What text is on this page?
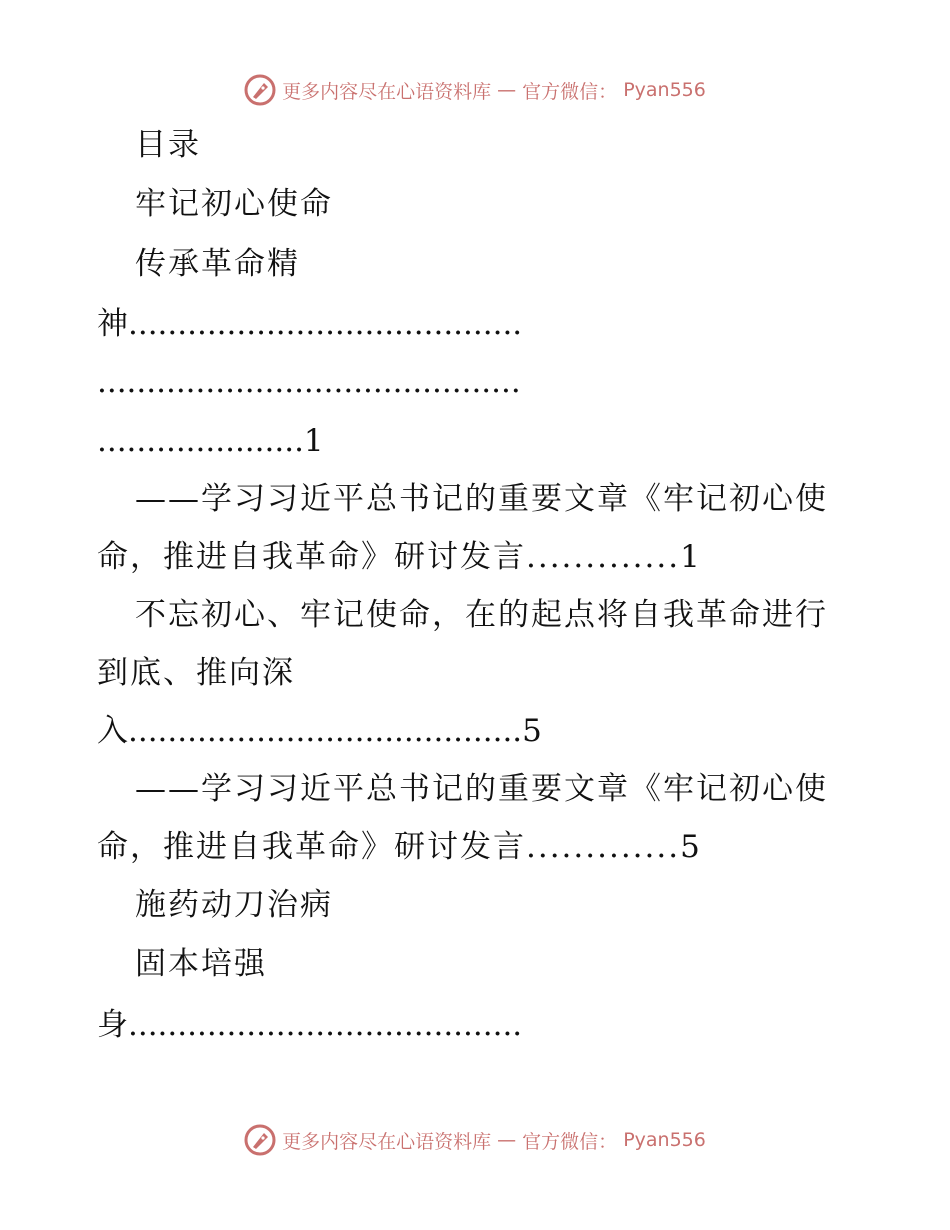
更多内容尽在心语资料库 — 官方微信： Pyan556
目录
牢记初心使命
传承革命精
神........................................
...........................................
.....................1
——学习习近平总书记的重要文章《牢记初心使
命，推进自我革命》研讨发言.............1
不忘初心、牢记使命，在的起点将自我革命进行
到底、推向深
入........................................5
——学习习近平总书记的重要文章《牢记初心使
命，推进自我革命》研讨发言.............5
施药动刀治病
固本培强
身........................................
更多内容尽在心语资料库 — 官方微信： Pyan556
